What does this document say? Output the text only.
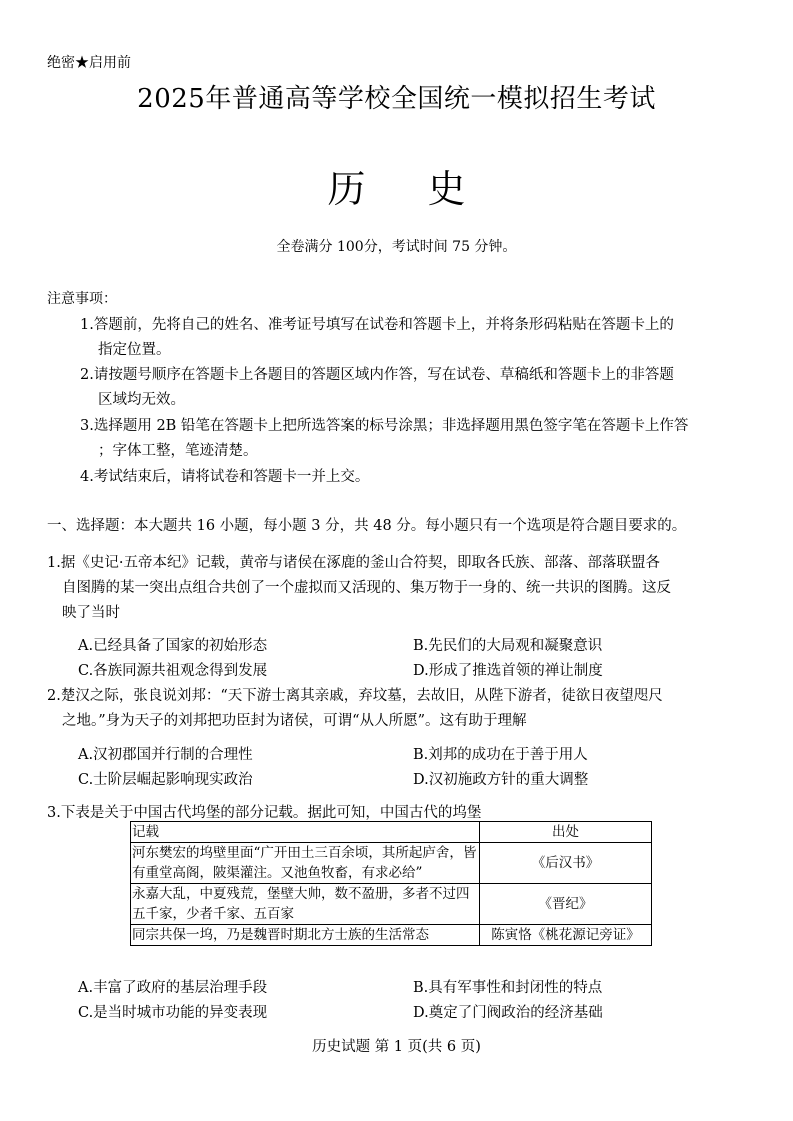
绝密★启用前
2025年普通高等学校全国统一模拟招生考试
历 史
全卷满分 100分，考试时间 75 分钟。
注意事项：
1.答题前，先将自己的姓名、准考证号填写在试卷和答题卡上，并将条形码粘贴在答题卡上的
指定位置。
2.请按题号顺序在答题卡上各题目的答题区域内作答，写在试卷、草稿纸和答题卡上的非答题
区域均无效。
3.选择题用 2B 铅笔在答题卡上把所选答案的标号涂黑；非选择题用黑色签字笔在答题卡上作答
；字体工整，笔迹清楚。
4.考试结束后，请将试卷和答题卡一并上交。
一、选择题：本大题共 16 小题，每小题 3 分，共 48 分。每小题只有一个选项是符合题目要求的。
1.据《史记·五帝本纪》记载，黄帝与诸侯在涿鹿的釜山合符契，即取各氏族、部落、部落联盟各
自图腾的某一突出点组合共创了一个虚拟而又活现的、集万物于一身的、统一共识的图腾。这反
映了当时
A.已经具备了国家的初始形态	B.先民们的大局观和凝聚意识
C.各族同源共祖观念得到发展	D.形成了推选首领的禅让制度
2.楚汉之际，张良说刘邦：“天下游士离其亲戚，弃坟墓，去故旧，从陛下游者，徒欲日夜望咫尺
之地。”身为天子的刘邦把功臣封为诸侯，可谓“从人所愿”。这有助于理解
A.汉初郡国并行制的合理性	B.刘邦的成功在于善于用人
C.士阶层崛起影响现实政治	D.汉初施政方针的重大调整
3.下表是关于中国古代坞堡的部分记载。据此可知，中国古代的坞堡
记载	出处
河东樊宏的坞壁里面“广开田土三百余顷，其所起庐舍，皆有重堂高阁，陂渠灌注。又池鱼牧畜，有求必给”	《后汉书》
永嘉大乱，中夏残荒，堡壁大帅，数不盈册，多者不过四五千家，少者千家、五百家	《晋纪》
同宗共保一坞，乃是魏晋时期北方士族的生活常态	陈寅恪《桃花源记旁证》
A.丰富了政府的基层治理手段	B.具有军事性和封闭性的特点
C.是当时城市功能的异变表现	D.奠定了门阀政治的经济基础
历史试题 第 1 页(共 6 页)
